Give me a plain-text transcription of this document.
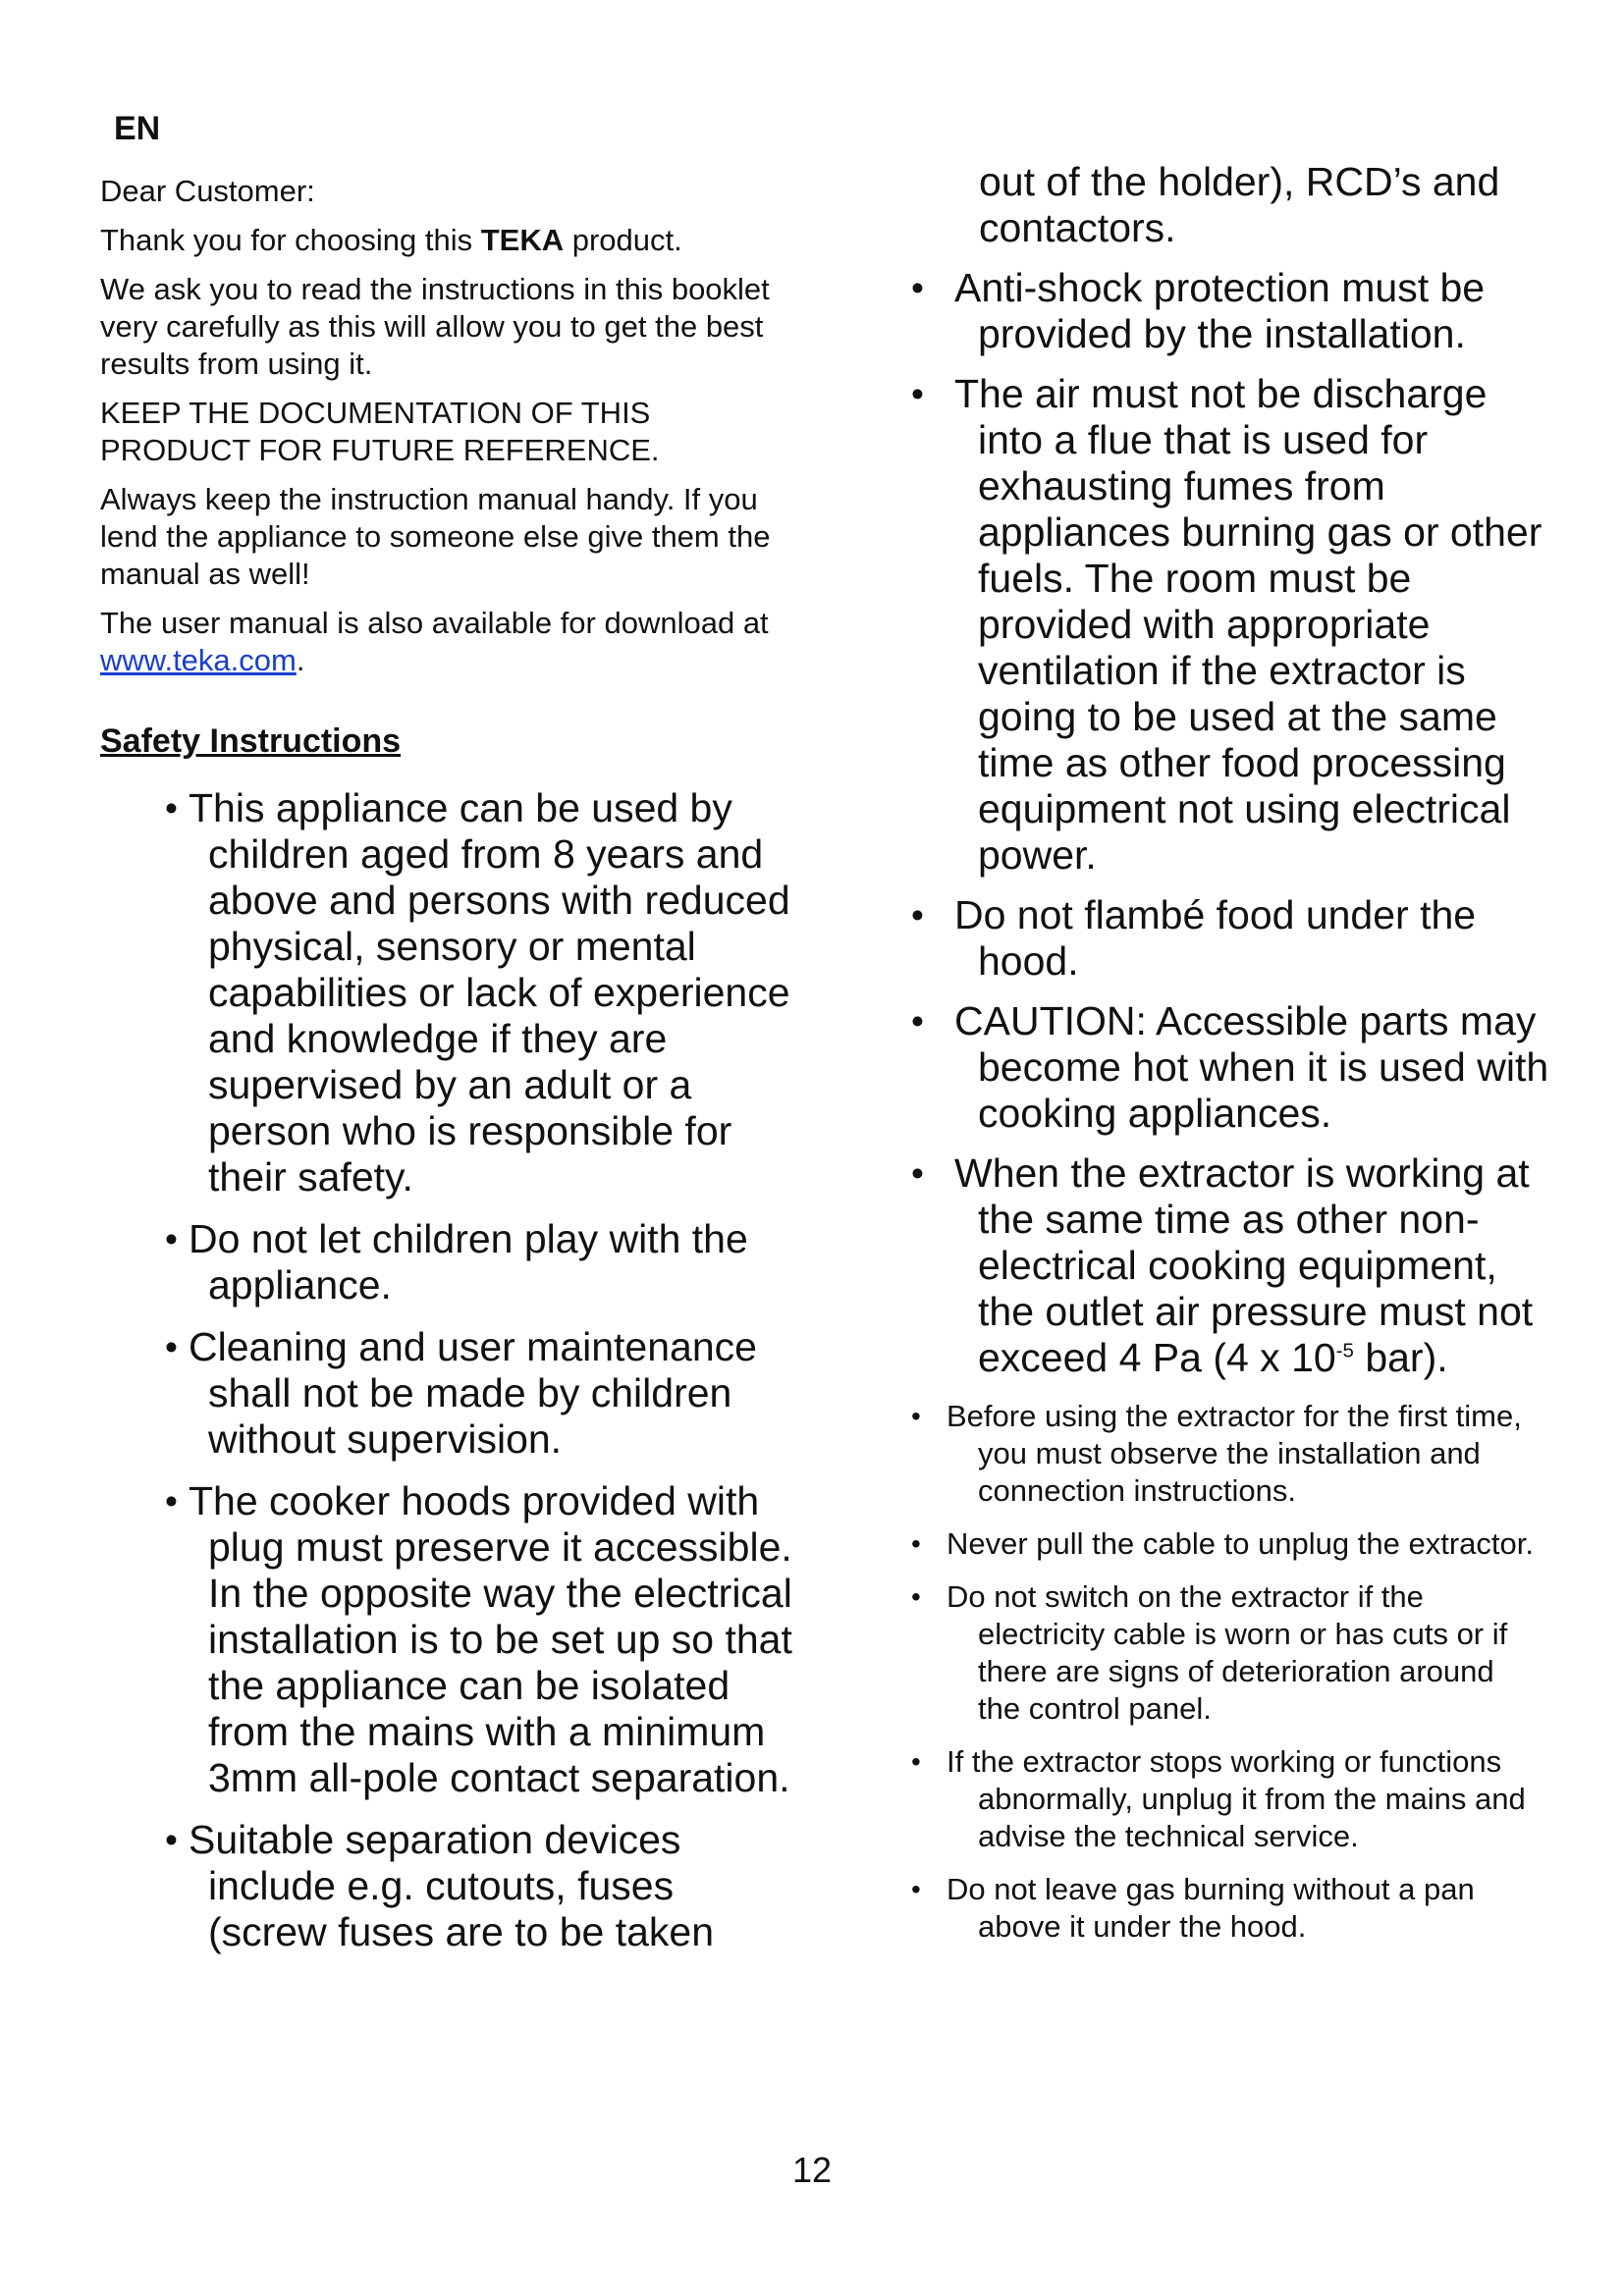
EN

Dear Customer:

Thank you for choosing this TEKA product.

We ask you to read the instructions in this booklet very carefully as this will allow you to get the best results from using it.

KEEP THE DOCUMENTATION OF THIS PRODUCT FOR FUTURE REFERENCE.

Always keep the instruction manual handy. If you lend the appliance to someone else give them the manual as well!

The user manual is also available for download at www.teka.com.

Safety Instructions
• This appliance can be used by children aged from 8 years and above and persons with reduced physical, sensory or mental capabilities or lack of experience and knowledge if they are supervised by an adult or a person who is responsible for their safety.
• Do not let children play with the appliance.
• Cleaning and user maintenance shall not be made by children without supervision.
• The cooker hoods provided with plug must preserve it accessible. In the opposite way the electrical installation is to be set up so that the appliance can be isolated from the mains with a minimum 3mm all-pole contact separation.
• Suitable separation devices include e.g. cutouts, fuses (screw fuses are to be taken
out of the holder), RCD’s and contactors.
• Anti-shock protection must be provided by the installation.
• The air must not be discharge into a flue that is used for exhausting fumes from appliances burning gas or other fuels. The room must be provided with appropriate ventilation if the extractor is going to be used at the same time as other food processing equipment not using electrical power.
• Do not flambé food under the hood.
• CAUTION: Accessible parts may become hot when it is used with cooking appliances.
• When the extractor is working at the same time as other non-electrical cooking equipment, the outlet air pressure must not exceed 4 Pa (4 x $10^{-5}$ bar).
• Before using the extractor for the first time, you must observe the installation and connection instructions.
• Never pull the cable to unplug the extractor.
• Do not switch on the extractor if the electricity cable is worn or has cuts or if there are signs of deterioration around the control panel.
• If the extractor stops working or functions abnormally, unplug it from the mains and advise the technical service.
• Do not leave gas burning without a pan above it under the hood.
12
